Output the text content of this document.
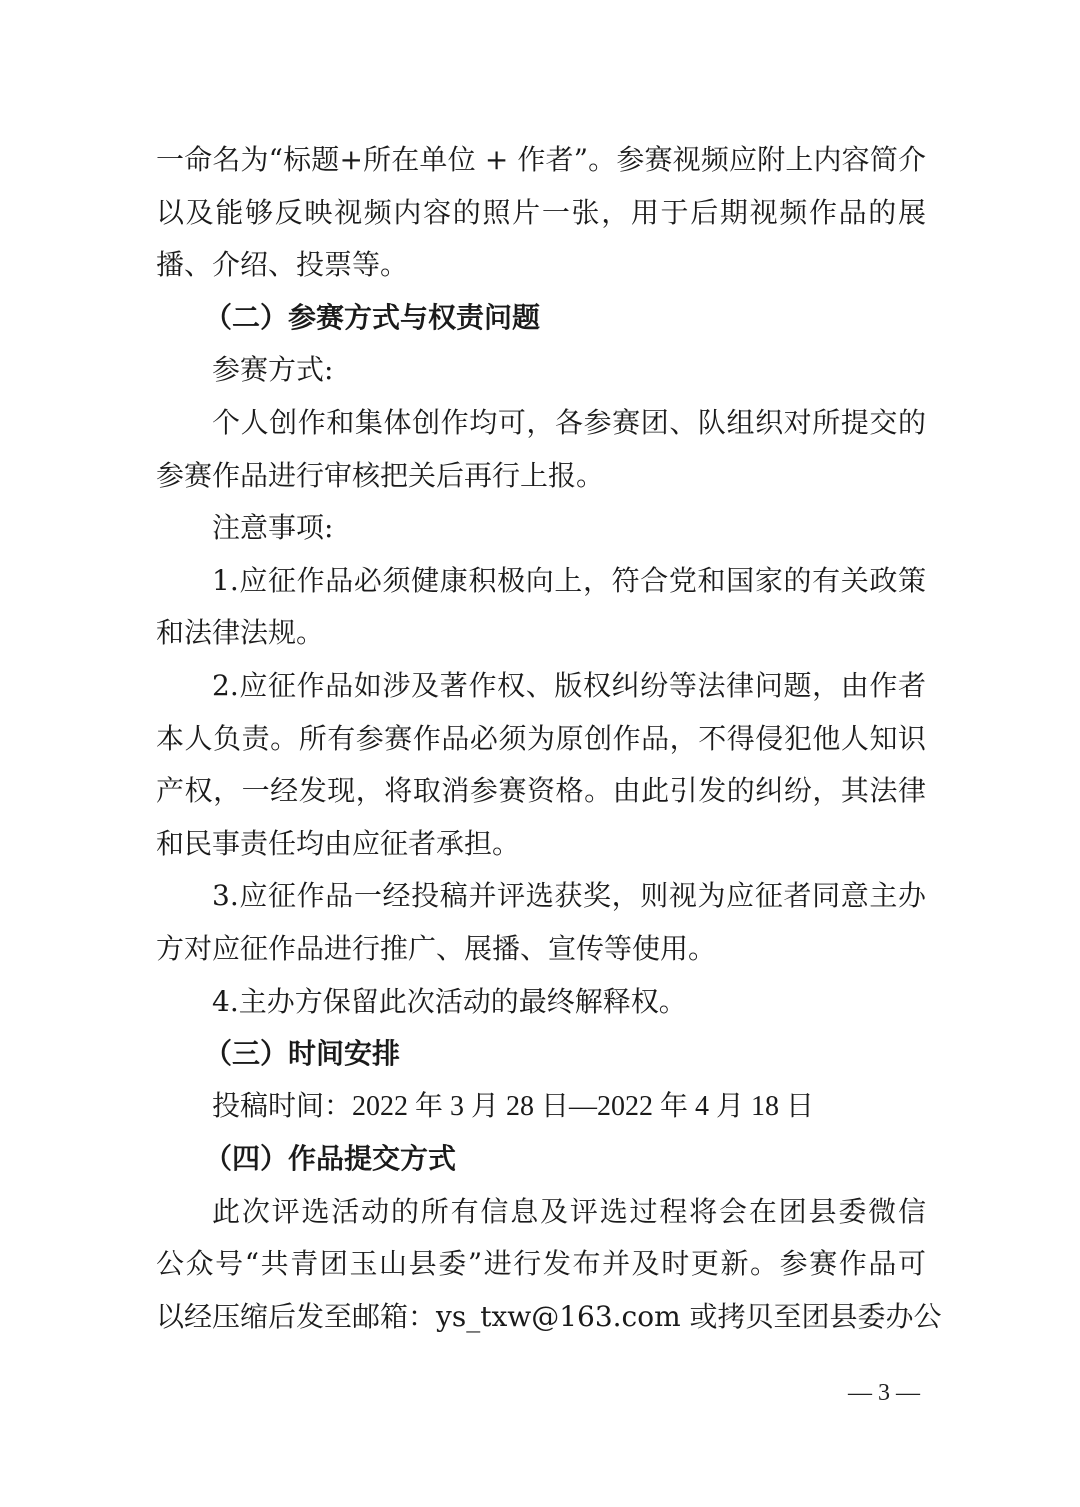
一命名为“标题+所在单位 + 作者”。参赛视频应附上内容简介
以及能够反映视频内容的照片一张，用于后期视频作品的展
播、介绍、投票等。
（二）参赛方式与权责问题
参赛方式:
个人创作和集体创作均可，各参赛团、队组织对所提交的
参赛作品进行审核把关后再行上报。
注意事项:
1.应征作品必须健康积极向上，符合党和国家的有关政策
和法律法规。
2.应征作品如涉及著作权、版权纠纷等法律问题，由作者
本人负责。所有参赛作品必须为原创作品，不得侵犯他人知识
产权，一经发现，将取消参赛资格。由此引发的纠纷，其法律
和民事责任均由应征者承担。
3.应征作品一经投稿并评选获奖，则视为应征者同意主办
方对应征作品进行推广、展播、宣传等使用。
4.主办方保留此次活动的最终解释权。
（三）时间安排
投稿时间：2022 年 3 月 28 日—2022 年 4 月 18 日
（四）作品提交方式
此次评选活动的所有信息及评选过程将会在团县委微信
公众号“共青团玉山县委”进行发布并及时更新。参赛作品可
以经压缩后发至邮箱：ys_txw@163.com 或拷贝至团县委办公
— 3 —
